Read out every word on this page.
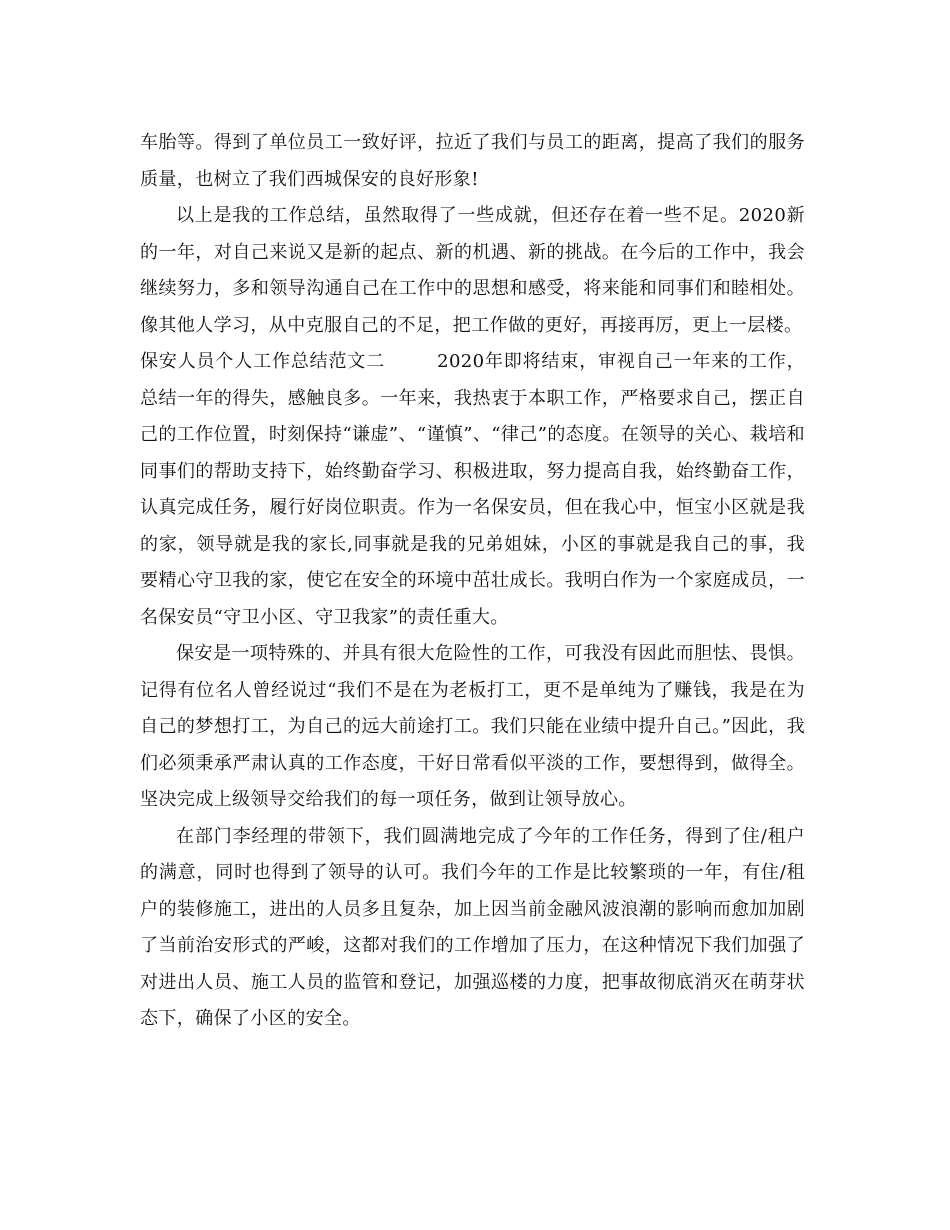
车胎等。得到了单位员工一致好评，拉近了我们与员工的距离，提高了我们的服务质量，也树立了我们西城保安的良好形象!

以上是我的工作总结，虽然取得了一些成就，但还存在着一些不足。2020新的一年，对自己来说又是新的起点、新的机遇、新的挑战。在今后的工作中，我会继续努力，多和领导沟通自己在工作中的思想和感受，将来能和同事们和睦相处。像其他人学习，从中克服自己的不足，把工作做的更好，再接再厉，更上一层楼。

保安人员个人工作总结范文二	2020年即将结束，审视自己一年来的工作，总结一年的得失，感触良多。一年来，我热衷于本职工作，严格要求自己，摆正自己的工作位置，时刻保持“谦虚”、“谨慎”、“律己”的态度。在领导的关心、栽培和同事们的帮助支持下，始终勤奋学习、积极进取，努力提高自我，始终勤奋工作，认真完成任务，履行好岗位职责。作为一名保安员，但在我心中，恒宝小区就是我的家，领导就是我的家长,同事就是我的兄弟姐妹，小区的事就是我自己的事，我要精心守卫我的家，使它在安全的环境中茁壮成长。我明白作为一个家庭成员，一名保安员“守卫小区、守卫我家”的责任重大。

保安是一项特殊的、并具有很大危险性的工作，可我没有因此而胆怯、畏惧。记得有位名人曾经说过“我们不是在为老板打工，更不是单纯为了赚钱，我是在为自己的梦想打工，为自己的远大前途打工。我们只能在业绩中提升自己。”因此，我们必须秉承严肃认真的工作态度，干好日常看似平淡的工作，要想得到，做得全。坚决完成上级领导交给我们的每一项任务，做到让领导放心。

在部门李经理的带领下，我们圆满地完成了今年的工作任务，得到了住/租户的满意，同时也得到了领导的认可。我们今年的工作是比较繁琐的一年，有住/租户的装修施工，进出的人员多且复杂，加上因当前金融风波浪潮的影响而愈加加剧了当前治安形式的严峻，这都对我们的工作增加了压力，在这种情况下我们加强了对进出人员、施工人员的监管和登记，加强巡楼的力度，把事故彻底消灭在萌芽状态下，确保了小区的安全。
